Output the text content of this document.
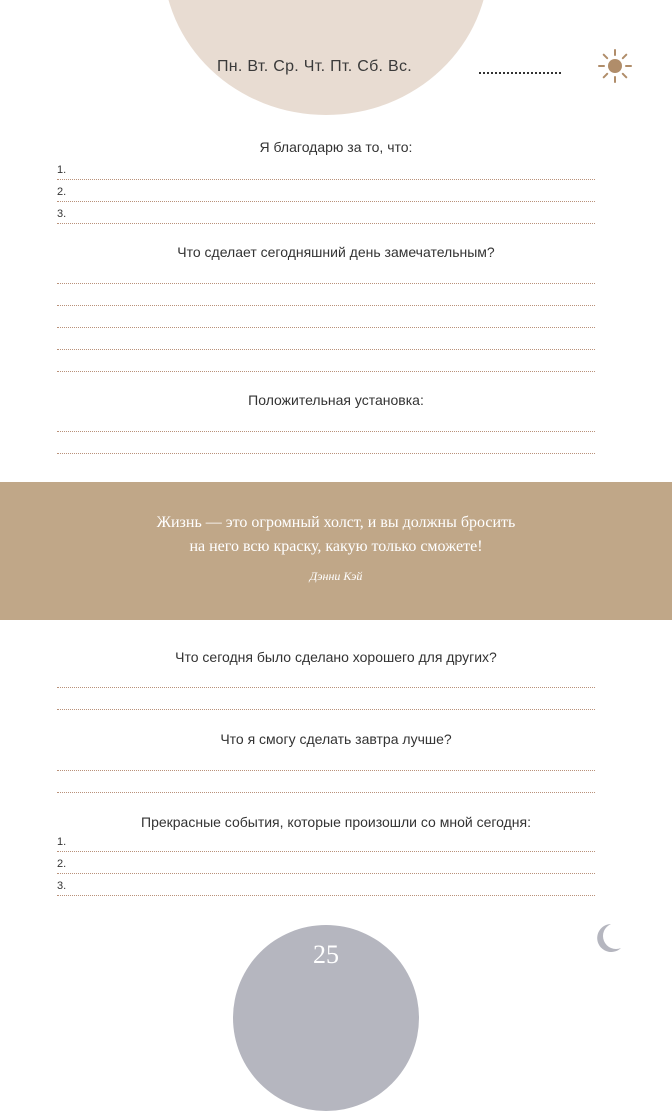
Пн. Вт. Ср. Чт. Пт. Сб. Вс.
Я благодарю за то, что:
1.
2.
3.
Что сделает сегодняшний день замечательным?
Положительная установка:
Жизнь — это огромный холст, и вы должны бросить
на него всю краску, какую только сможете!
Дэнни Кэй
Что сегодня было сделано хорошего для других?
Что я смогу сделать завтра лучше?
Прекрасные события, которые произошли со мной сегодня:
1.
2.
3.
25
